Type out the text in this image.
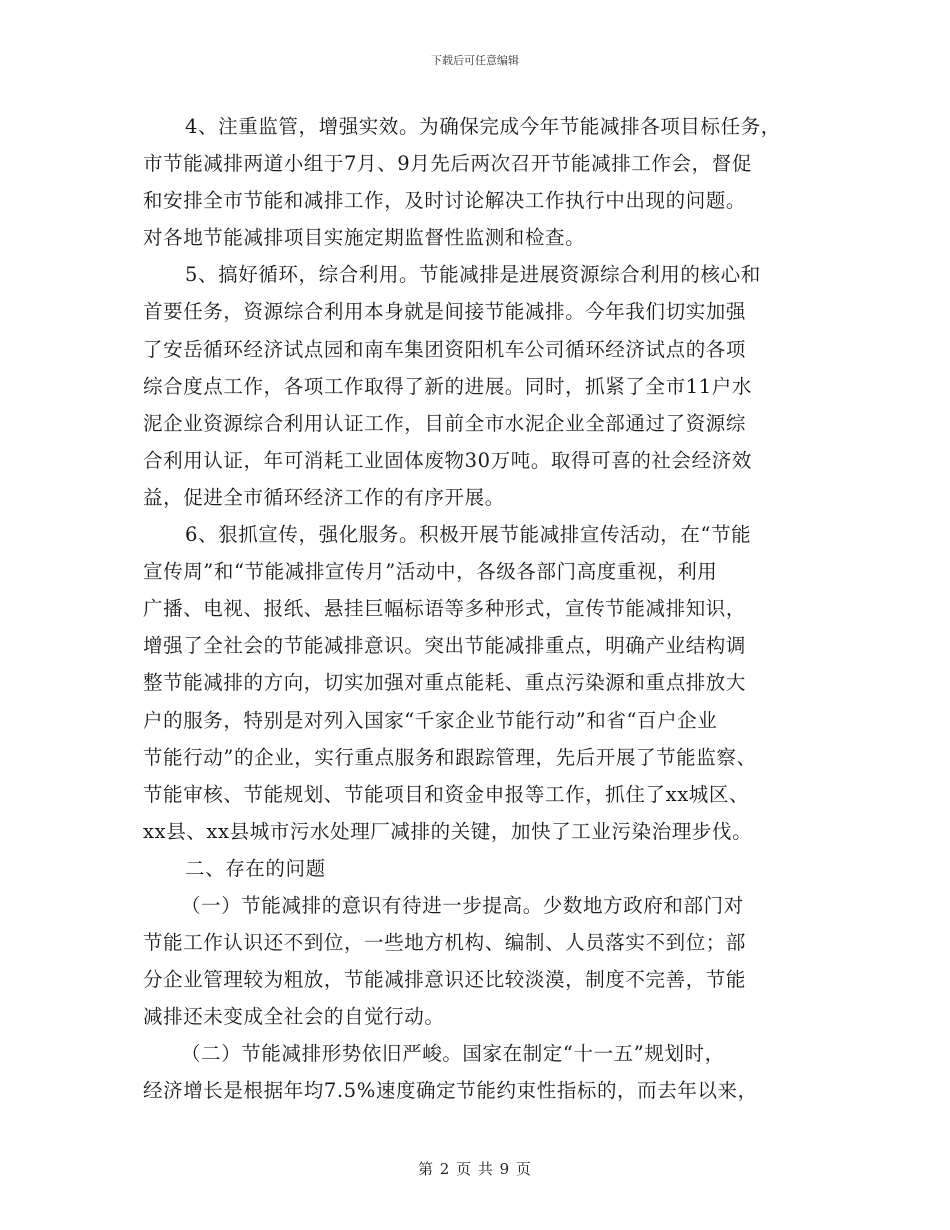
下载后可任意编辑
4、注重监管，增强实效。为确保完成今年节能减排各项目标任务，
市节能减排两道小组于7月、9月先后两次召开节能减排工作会，督促
和安排全市节能和减排工作，及时讨论解决工作执行中出现的问题。
对各地节能减排项目实施定期监督性监测和检查。
5、搞好循环，综合利用。节能减排是进展资源综合利用的核心和
首要任务，资源综合利用本身就是间接节能减排。今年我们切实加强
了安岳循环经济试点园和南车集团资阳机车公司循环经济试点的各项
综合度点工作，各项工作取得了新的进展。同时，抓紧了全市11户水
泥企业资源综合利用认证工作，目前全市水泥企业全部通过了资源综
合利用认证，年可消耗工业固体废物30万吨。取得可喜的社会经济效
益，促进全市循环经济工作的有序开展。
6、狠抓宣传，强化服务。积极开展节能减排宣传活动，在“节能
宣传周”和“节能减排宣传月”活动中，各级各部门高度重视，利用
广播、电视、报纸、悬挂巨幅标语等多种形式，宣传节能减排知识，
增强了全社会的节能减排意识。突出节能减排重点，明确产业结构调
整节能减排的方向，切实加强对重点能耗、重点污染源和重点排放大
户的服务，特别是对列入国家“千家企业节能行动”和省“百户企业
节能行动”的企业，实行重点服务和跟踪管理，先后开展了节能监察、
节能审核、节能规划、节能项目和资金申报等工作，抓住了xx城区、
xx县、xx县城市污水处理厂减排的关键，加快了工业污染治理步伐。
二、存在的问题
（一）节能减排的意识有待进一步提高。少数地方政府和部门对
节能工作认识还不到位，一些地方机构、编制、人员落实不到位；部
分企业管理较为粗放，节能减排意识还比较淡漠，制度不完善，节能
减排还未变成全社会的自觉行动。
（二）节能减排形势依旧严峻。国家在制定“十一五”规划时，
经济增长是根据年均7.5%速度确定节能约束性指标的，而去年以来，
第 2 页 共 9 页
